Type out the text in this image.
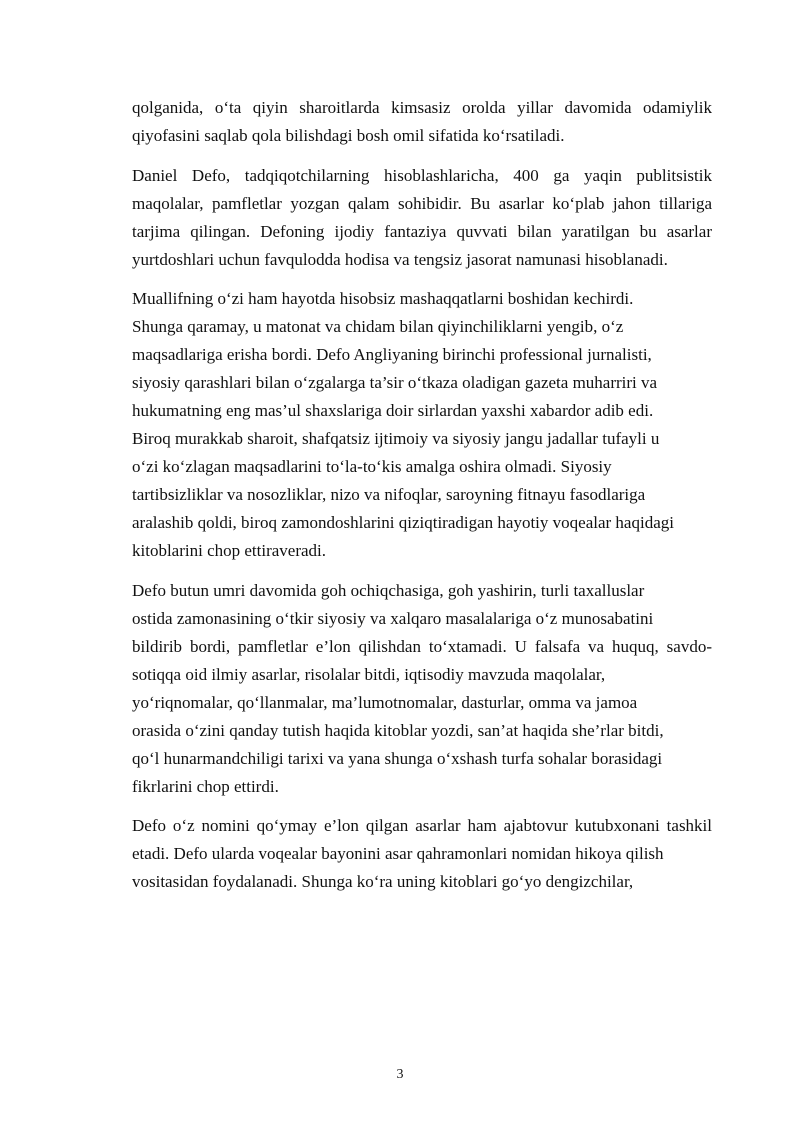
qolganida, o‘ta qiyin sharoitlarda kimsasiz orolda yillar davomida odamiylik
qiyofasini saqlab qola bilishdagi bosh omil sifatida ko‘rsatiladi.
Daniel Defo, tadqiqotchilarning hisoblashlaricha, 400 ga yaqin publitsistik
maqolalar, pamfletlar yozgan qalam sohibidir. Bu asarlar ko‘plab jahon tillariga
tarjima qilingan. Defoning ijodiy fantaziya quvvati bilan yaratilgan bu asarlar
yurtdoshlari uchun favqulodda hodisa va tengsiz jasorat namunasi hisoblanadi.
Muallifning o‘zi ham hayotda hisobsiz mashaqqatlarni boshidan kechirdi.
Shunga qaramay, u matonat va chidam bilan qiyinchiliklarni yengib, o‘z
maqsadlariga erisha bordi. Defo Angliyaning birinchi professional jurnalisti,
siyosiy qarashlari bilan o‘zgalarga ta’sir o‘tkaza oladigan gazeta muharriri va
hukumatning eng mas’ul shaxslariga doir sirlardan yaxshi xabardor adib edi.
Biroq murakkab sharoit, shafqatsiz ijtimoiy va siyosiy jangu jadallar tufayli u
o‘zi ko‘zlagan maqsadlarini to‘la-to‘kis amalga oshira olmadi. Siyosiy
tartibsizliklar va nosozliklar, nizo va nifoqlar, saroyning fitnayu fasodlariga
aralashib qoldi, biroq zamondoshlarini qiziqtiradigan hayotiy voqealar haqidagi
kitoblarini chop ettiraveradi.
Defo butun umri davomida goh ochiqchasiga, goh yashirin, turli taxalluslar
ostida zamonasining o‘tkir siyosiy va xalqaro masalalariga o‘z munosabatini
bildirib bordi, pamfletlar e’lon qilishdan to‘xtamadi. U falsafa va huquq, savdo-
sotiqqa oid ilmiy asarlar, risolalar bitdi, iqtisodiy mavzuda maqolalar,
yo‘riqnomalar, qo‘llanmalar, ma’lumotnomalar, dasturlar, omma va jamoa
orasida o‘zini qanday tutish haqida kitoblar yozdi, san’at haqida she’rlar bitdi,
qo‘l hunarmandchiligi tarixi va yana shunga o‘xshash turfa sohalar borasidagi
fikrlarini chop ettirdi.
Defo o‘z nomini qo‘ymay e’lon qilgan asarlar ham ajabtovur kutubxonani tashkil
etadi. Defo ularda voqealar bayonini asar qahramonlari nomidan hikoya qilish
vositasidan foydalanadi. Shunga ko‘ra uning kitoblari go‘yo dengizchilar,
3
